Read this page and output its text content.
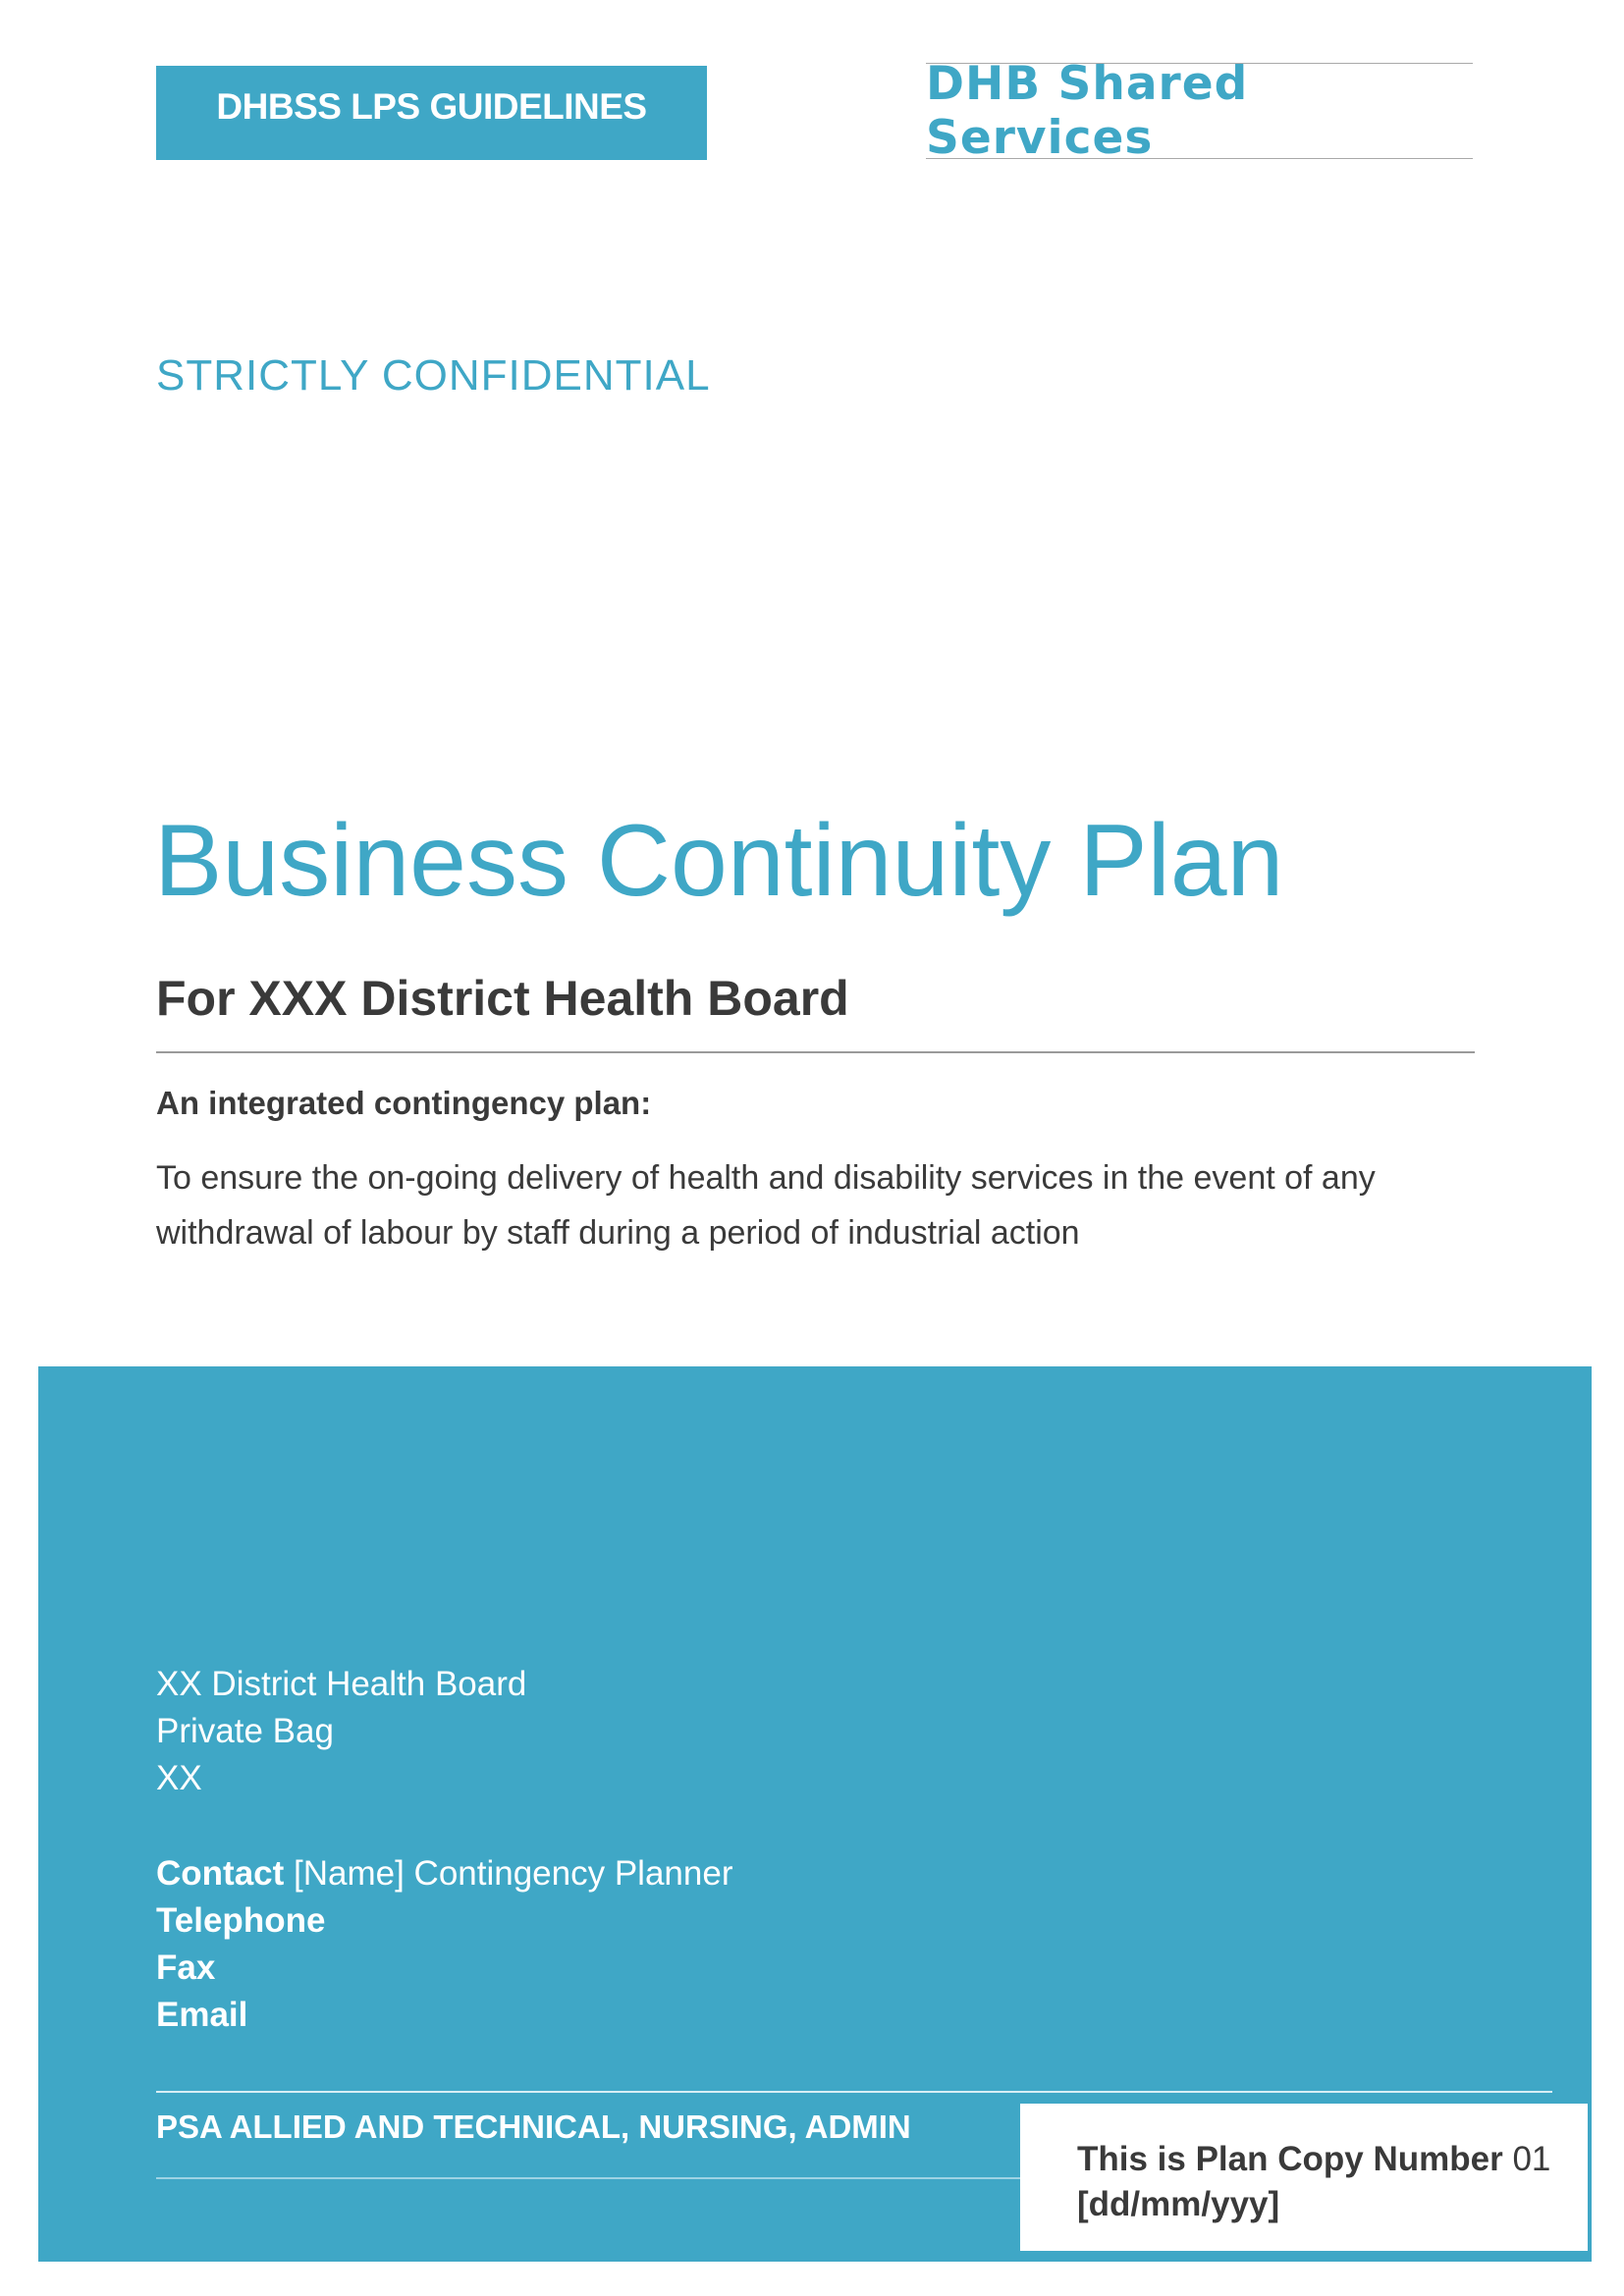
DHBSS LPS GUIDELINES	DHB Shared Services
STRICTLY CONFIDENTIAL
Business Continuity Plan
For XXX District Health Board
An integrated contingency plan:
To ensure the on-going delivery of health and disability services in the event of any withdrawal of labour by staff during a period of industrial action
XX District Health Board
Private Bag
XX
Contact [Name] Contingency Planner
Telephone
Fax
Email
PSA ALLIED AND TECHNICAL, NURSING, ADMIN
This is Plan Copy Number 01
[dd/mm/yyy]
